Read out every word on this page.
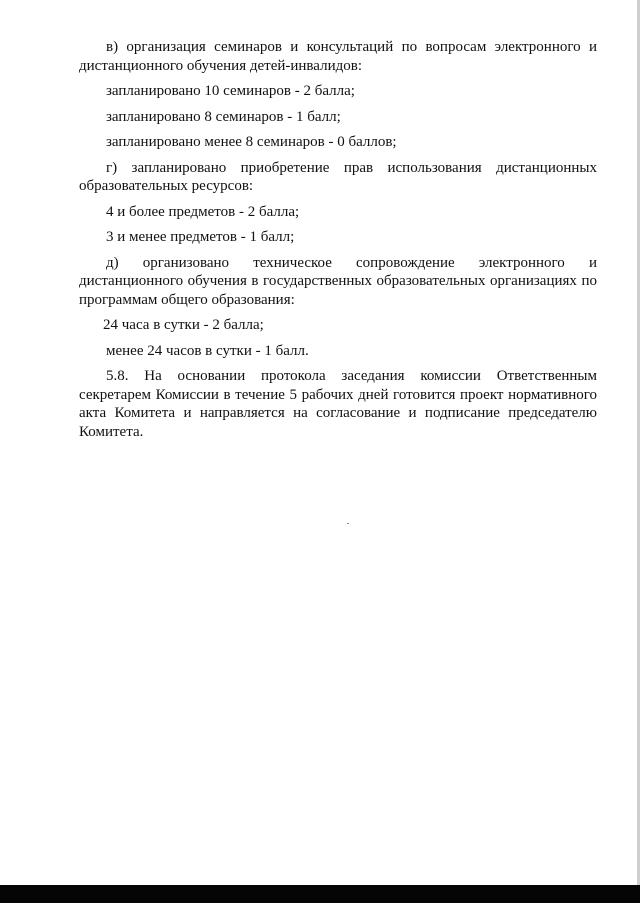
в) организация семинаров и консультаций по вопросам электронного и дистанционного обучения детей-инвалидов:

запланировано 10 семинаров - 2 балла;

запланировано 8 семинаров - 1 балл;

запланировано менее 8 семинаров - 0 баллов;

г) запланировано приобретение прав использования дистанционных образовательных ресурсов:

4 и более предметов - 2 балла;

3 и менее предметов - 1 балл;

д) организовано техническое сопровождение электронного и дистанционного обучения в государственных образовательных организациях по программам общего образования:

24 часа в сутки - 2 балла;

менее 24 часов в сутки - 1 балл.

5.8. На основании протокола заседания комиссии Ответственным секретарем Комиссии в течение 5 рабочих дней готовится проект нормативного акта Комитета и направляется на согласование и подписание председателю Комитета.
